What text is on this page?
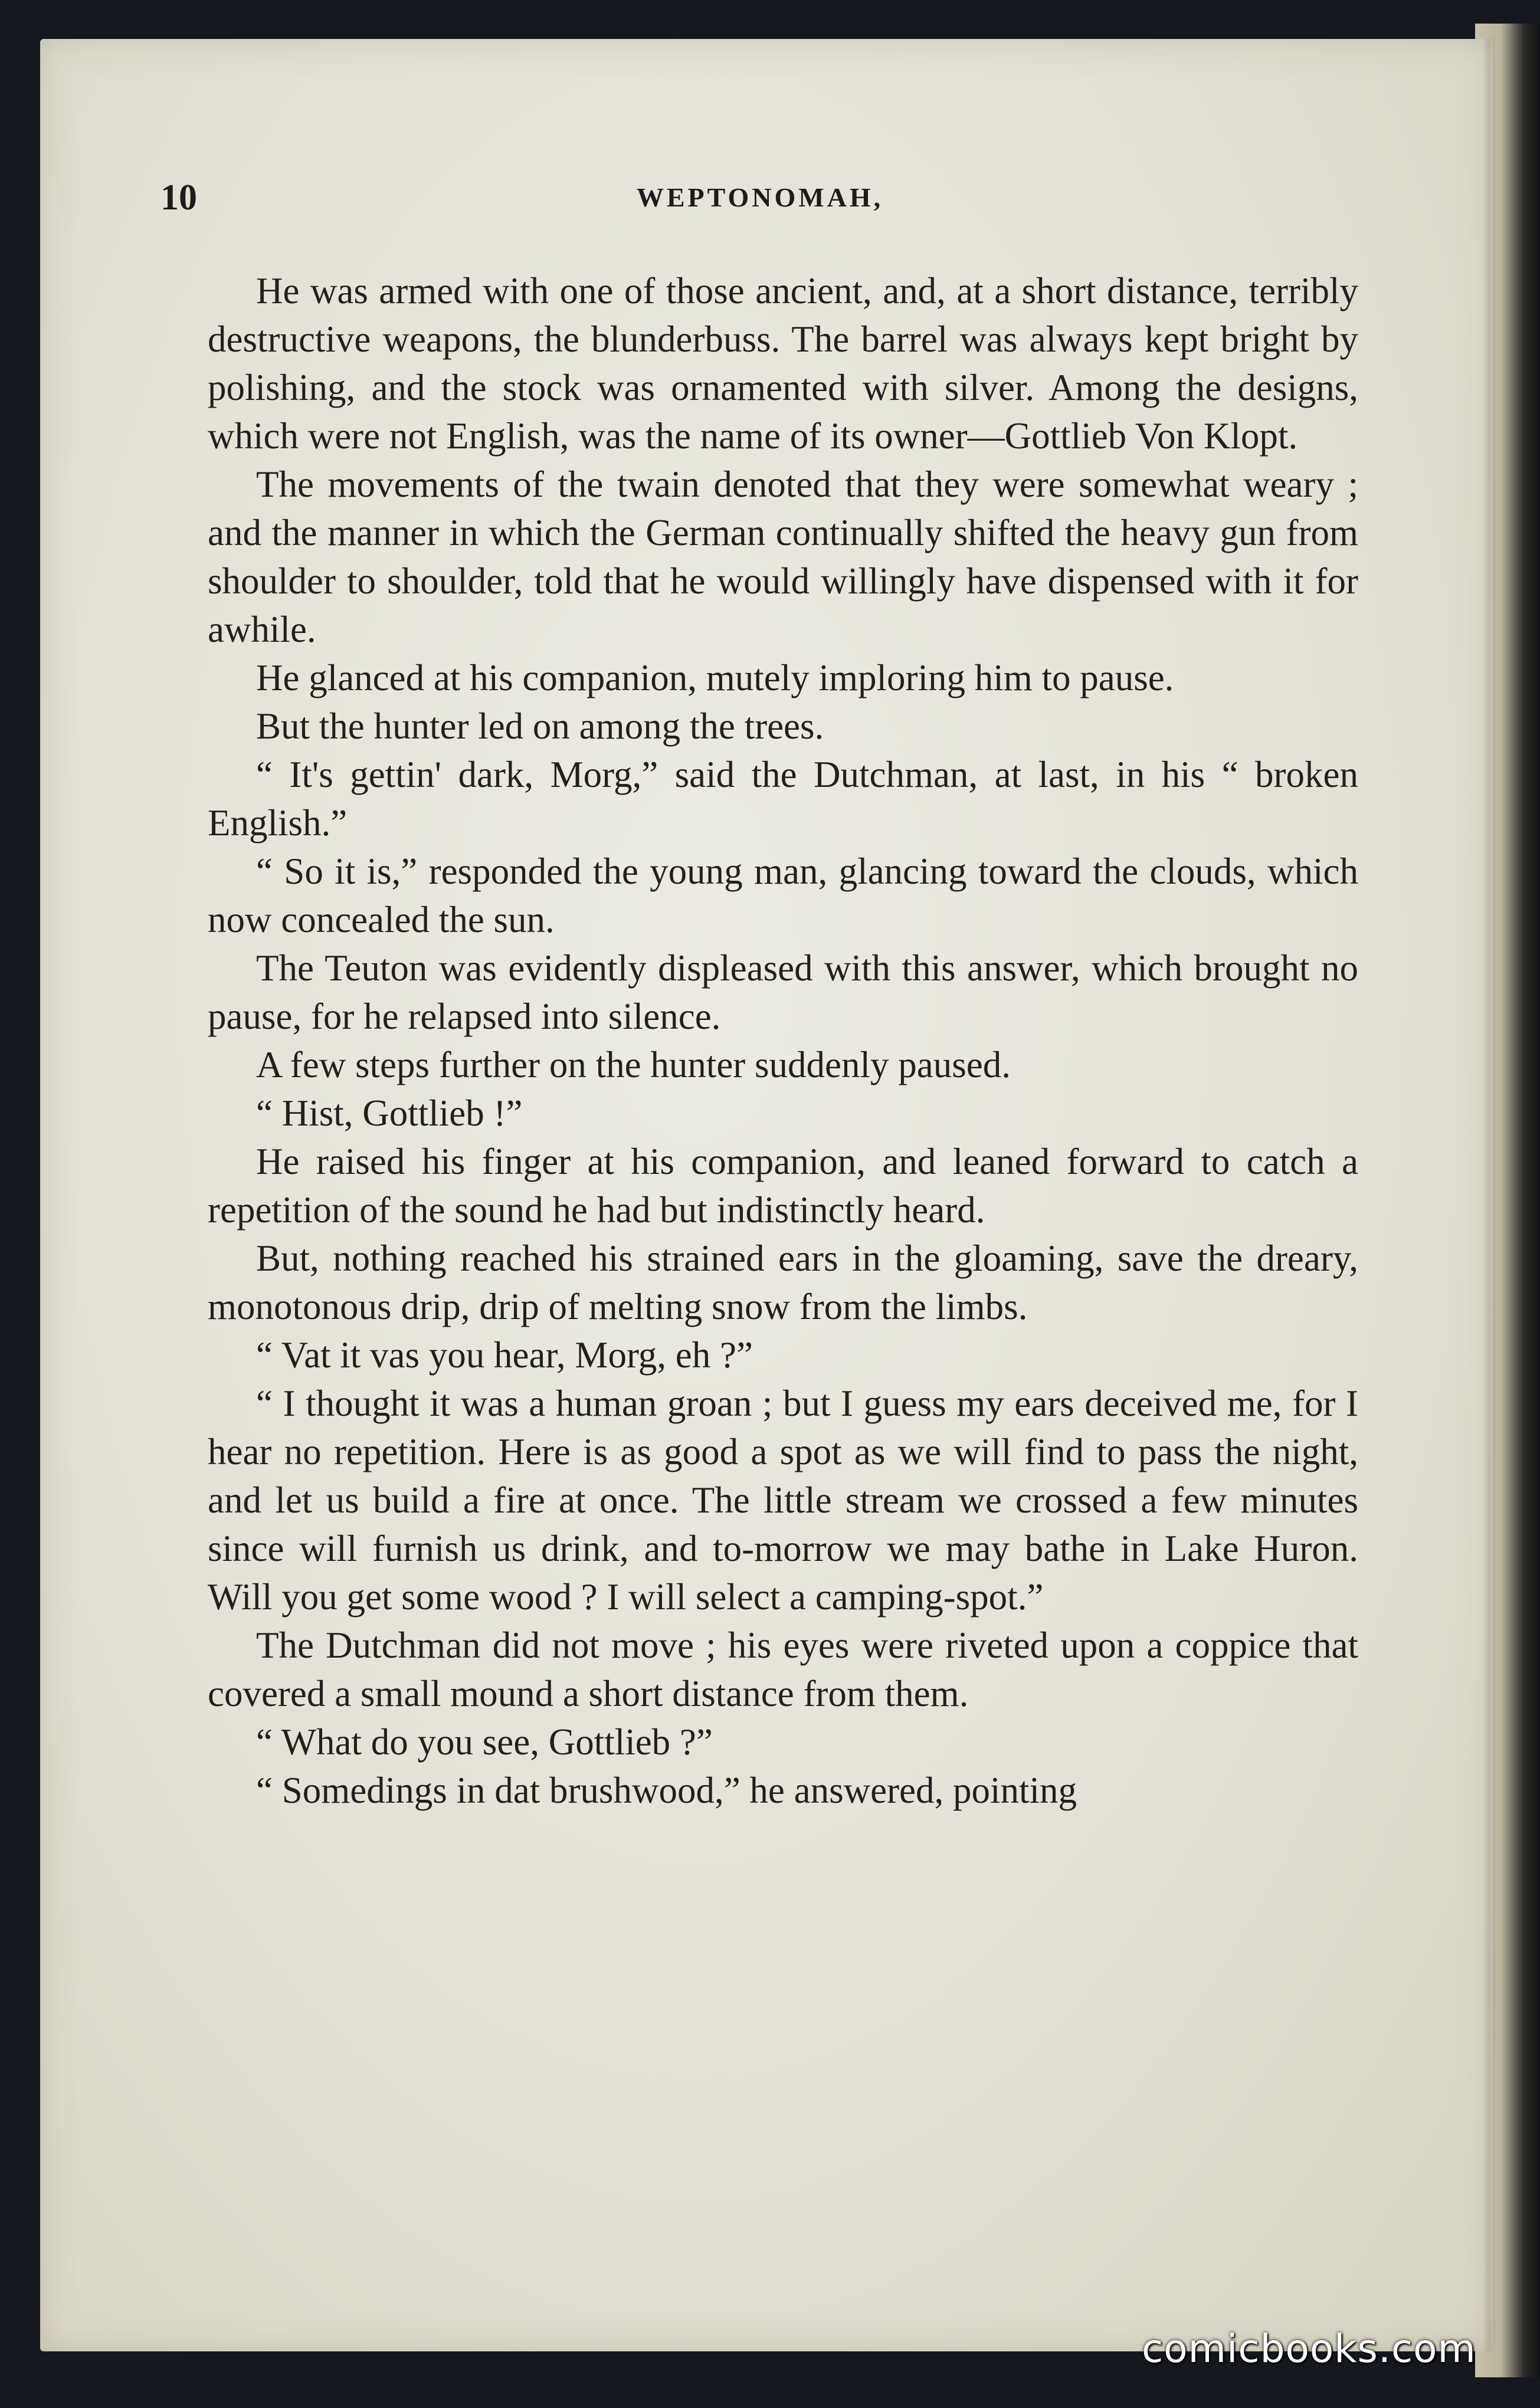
10	WEPTONOMAH,

He was armed with one of those ancient, and, at a short distance, terribly destructive weapons, the blunderbuss. The barrel was always kept bright by polishing, and the stock was ornamented with silver. Among the designs, which were not English, was the name of its owner—Gottlieb Von Klopt.

The movements of the twain denoted that they were somewhat weary ; and the manner in which the German continually shifted the heavy gun from shoulder to shoulder, told that he would willingly have dispensed with it for awhile.

He glanced at his companion, mutely imploring him to pause.

But the hunter led on among the trees.

“ It's gettin' dark, Morg,” said the Dutchman, at last, in his “ broken English.”

“ So it is,” responded the young man, glancing toward the clouds, which now concealed the sun.

The Teuton was evidently displeased with this answer, which brought no pause, for he relapsed into silence.

A few steps further on the hunter suddenly paused.

“ Hist, Gottlieb !”

He raised his finger at his companion, and leaned forward to catch a repetition of the sound he had but indistinctly heard.

But, nothing reached his strained ears in the gloaming, save the dreary, monotonous drip, drip of melting snow from the limbs.

“ Vat it vas you hear, Morg, eh ?”

“ I thought it was a human groan ; but I guess my ears deceived me, for I hear no repetition. Here is as good a spot as we will find to pass the night, and let us build a fire at once. The little stream we crossed a few minutes since will furnish us drink, and to-morrow we may bathe in Lake Huron. Will you get some wood ? I will select a camping-spot.”

The Dutchman did not move ; his eyes were riveted upon a coppice that covered a small mound a short distance from them.

“ What do you see, Gottlieb ?”

“ Somedings in dat brushwood,” he answered, pointing

comicbooks.com
